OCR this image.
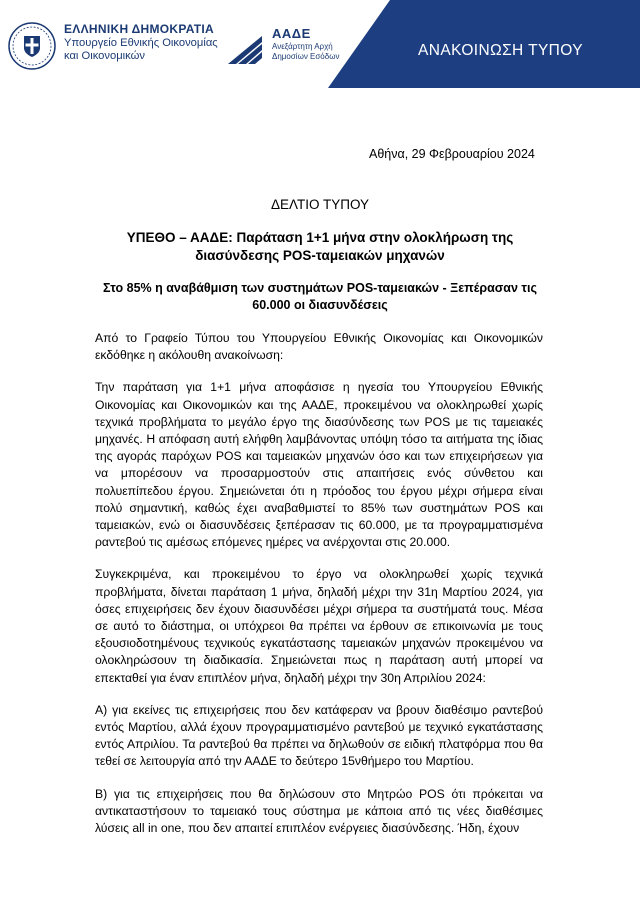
ΕΛΛΗΝΙΚΗ ΔΗΜΟΚΡΑΤΙΑ
Υπουργείο Εθνικής Οικονομίας
και Οικονομικών
ΑΑΔΕ
Ανεξάρτητη Αρχή
Δημοσίων Εσόδων	ΑΝΑΚΟΙΝΩΣΗ ΤΥΠΟΥ
Αθήνα, 29 Φεβρουαρίου 2024
ΔΕΛΤΙΟ ΤΥΠΟΥ
ΥΠΕΘΟ – ΑΑΔΕ: Παράταση 1+1 μήνα στην ολοκλήρωση της διασύνδεσης POS-ταμειακών μηχανών
Στο 85% η αναβάθμιση των συστημάτων POS-ταμειακών - Ξεπέρασαν τις 60.000 οι διασυνδέσεις

Από το Γραφείο Τύπου του Υπουργείου Εθνικής Οικονομίας και Οικονομικών εκδόθηκε η ακόλουθη ανακοίνωση:

Την παράταση για 1+1 μήνα αποφάσισε η ηγεσία του Υπουργείου Εθνικής Οικονομίας και Οικονομικών και της ΑΑΔΕ, προκειμένου να ολοκληρωθεί χωρίς τεχνικά προβλήματα το μεγάλο έργο της διασύνδεσης των POS με τις ταμειακές μηχανές. Η απόφαση αυτή ελήφθη λαμβάνοντας υπόψη τόσο τα αιτήματα της ίδιας της αγοράς παρόχων POS και ταμειακών μηχανών όσο και των επιχειρήσεων για να μπορέσουν να προσαρμοστούν στις απαιτήσεις ενός σύνθετου και πολυεπίπεδου έργου. Σημειώνεται ότι η πρόοδος του έργου μέχρι σήμερα είναι πολύ σημαντική, καθώς έχει αναβαθμιστεί το 85% των συστημάτων POS και ταμειακών, ενώ οι διασυνδέσεις ξεπέρασαν τις 60.000, με τα προγραμματισμένα ραντεβού τις αμέσως επόμενες ημέρες να ανέρχονται στις 20.000.

Συγκεκριμένα, και προκειμένου το έργο να ολοκληρωθεί χωρίς τεχνικά προβλήματα, δίνεται παράταση 1 μήνα, δηλαδή μέχρι την 31η Μαρτίου 2024, για όσες επιχειρήσεις δεν έχουν διασυνδέσει μέχρι σήμερα τα συστήματά τους. Μέσα σε αυτό το διάστημα, οι υπόχρεοι θα πρέπει να έρθουν σε επικοινωνία με τους εξουσιοδοτημένους τεχνικούς εγκατάστασης ταμειακών μηχανών προκειμένου να ολοκληρώσουν τη διαδικασία. Σημειώνεται πως η παράταση αυτή μπορεί να επεκταθεί για έναν επιπλέον μήνα, δηλαδή μέχρι την 30η Απριλίου 2024:

Α) για εκείνες τις επιχειρήσεις που δεν κατάφεραν να βρουν διαθέσιμο ραντεβού εντός Μαρτίου, αλλά έχουν προγραμματισμένο ραντεβού με τεχνικό εγκατάστασης εντός Απριλίου. Τα ραντεβού θα πρέπει να δηλωθούν σε ειδική πλατφόρμα που θα τεθεί σε λειτουργία από την ΑΑΔΕ το δεύτερο 15νθήμερο του Μαρτίου.

Β) για τις επιχειρήσεις που θα δηλώσουν στο Μητρώο POS ότι πρόκειται να αντικαταστήσουν το ταμειακό τους σύστημα με κάποια από τις νέες διαθέσιμες λύσεις all in one, που δεν απαιτεί επιπλέον ενέργειες διασύνδεσης. Ήδη, έχουν
